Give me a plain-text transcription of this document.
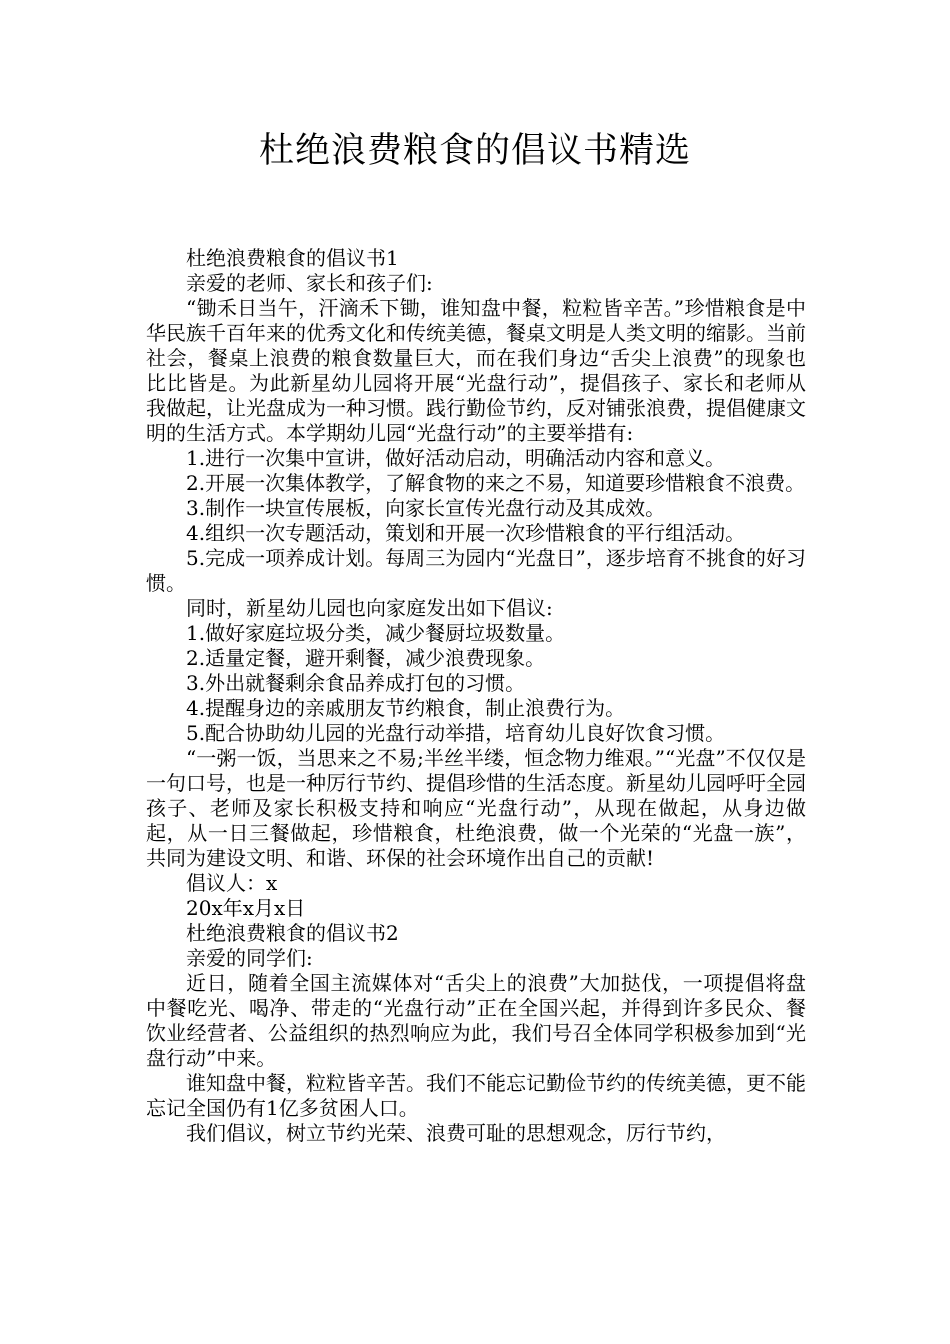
杜绝浪费粮食的倡议书精选

杜绝浪费粮食的倡议书1

亲爱的老师、家长和孩子们:

“锄禾日当午，汗滴禾下锄，谁知盘中餐，粒粒皆辛苦。”珍惜粮食是中华民族千百年来的优秀文化和传统美德，餐桌文明是人类文明的缩影。当前社会，餐桌上浪费的粮食数量巨大，而在我们身边“舌尖上浪费”的现象也比比皆是。为此新星幼儿园将开展“光盘行动”，提倡孩子、家长和老师从我做起，让光盘成为一种习惯。践行勤俭节约，反对铺张浪费，提倡健康文明的生活方式。本学期幼儿园“光盘行动”的主要举措有:

1.进行一次集中宣讲，做好活动启动，明确活动内容和意义。

2.开展一次集体教学，了解食物的来之不易，知道要珍惜粮食不浪费。

3.制作一块宣传展板，向家长宣传光盘行动及其成效。

4.组织一次专题活动，策划和开展一次珍惜粮食的平行组活动。

5.完成一项养成计划。每周三为园内“光盘日”，逐步培育不挑食的好习惯。

同时，新星幼儿园也向家庭发出如下倡议:

1.做好家庭垃圾分类，减少餐厨垃圾数量。

2.适量定餐，避开剩餐，减少浪费现象。

3.外出就餐剩余食品养成打包的习惯。

4.提醒身边的亲戚朋友节约粮食，制止浪费行为。

5.配合协助幼儿园的光盘行动举措，培育幼儿良好饮食习惯。

“一粥一饭，当思来之不易;半丝半缕，恒念物力维艰。”“光盘”不仅仅是一句口号，也是一种厉行节约、提倡珍惜的生活态度。新星幼儿园呼吁全园孩子、老师及家长积极支持和响应“光盘行动”，从现在做起，从身边做起，从一日三餐做起，珍惜粮食，杜绝浪费，做一个光荣的“光盘一族”，共同为建设文明、和谐、环保的社会环境作出自己的贡献!

倡议人：x

20x年x月x日

杜绝浪费粮食的倡议书2

亲爱的同学们:

近日，随着全国主流媒体对“舌尖上的浪费”大加挞伐，一项提倡将盘中餐吃光、喝净、带走的“光盘行动”正在全国兴起，并得到许多民众、餐饮业经营者、公益组织的热烈响应为此，我们号召全体同学积极参加到“光盘行动”中来。

谁知盘中餐，粒粒皆辛苦。我们不能忘记勤俭节约的传统美德，更不能忘记全国仍有1亿多贫困人口。

我们倡议，树立节约光荣、浪费可耻的思想观念，厉行节约，
